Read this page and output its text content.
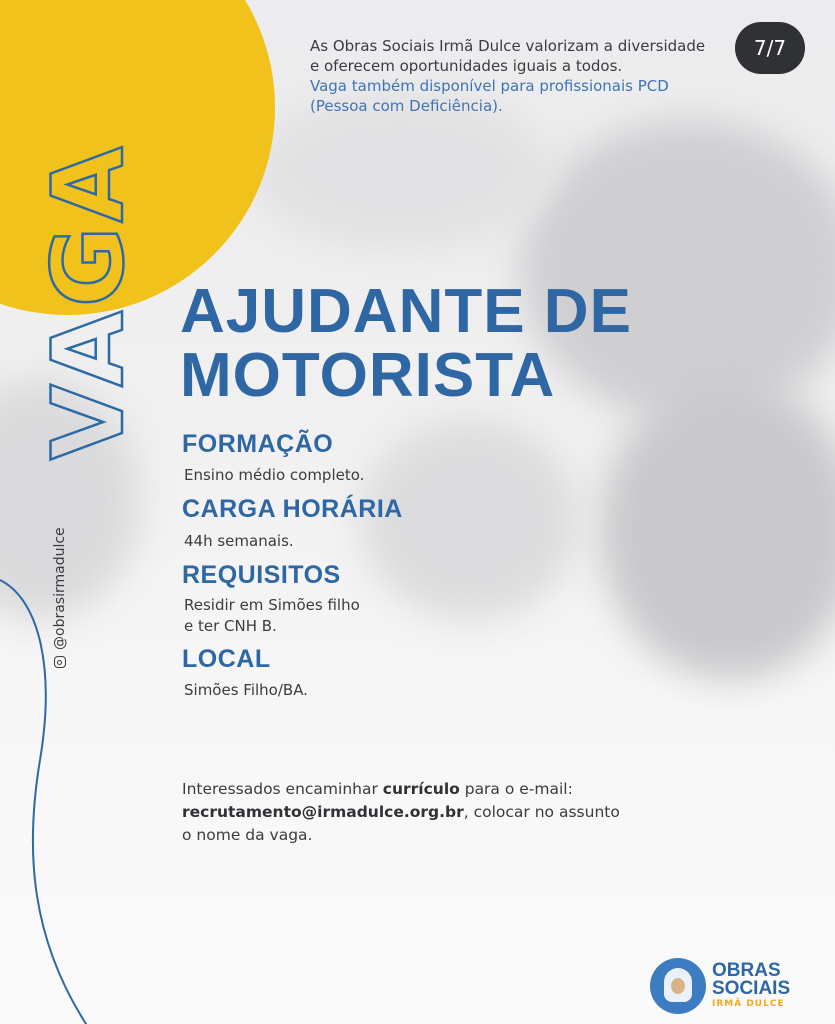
7/7
As Obras Sociais Irmã Dulce valorizam a diversidade
e oferecem oportunidades iguais a todos.
Vaga também disponível para profissionais PCD
(Pessoa com Deficiência).
VAGA
@obrasirmadulce
AJUDANTE DE
MOTORISTA
FORMAÇÃO
Ensino médio completo.
CARGA HORÁRIA
44h semanais.
REQUISITOS
Residir em Simões filho
e ter CNH B.
LOCAL
Simões Filho/BA.
Interessados encaminhar currículo para o e-mail:
recrutamento@irmadulce.org.br, colocar no assunto
o nome da vaga.
OBRAS
SOCIAIS
IRMÃ DULCE
